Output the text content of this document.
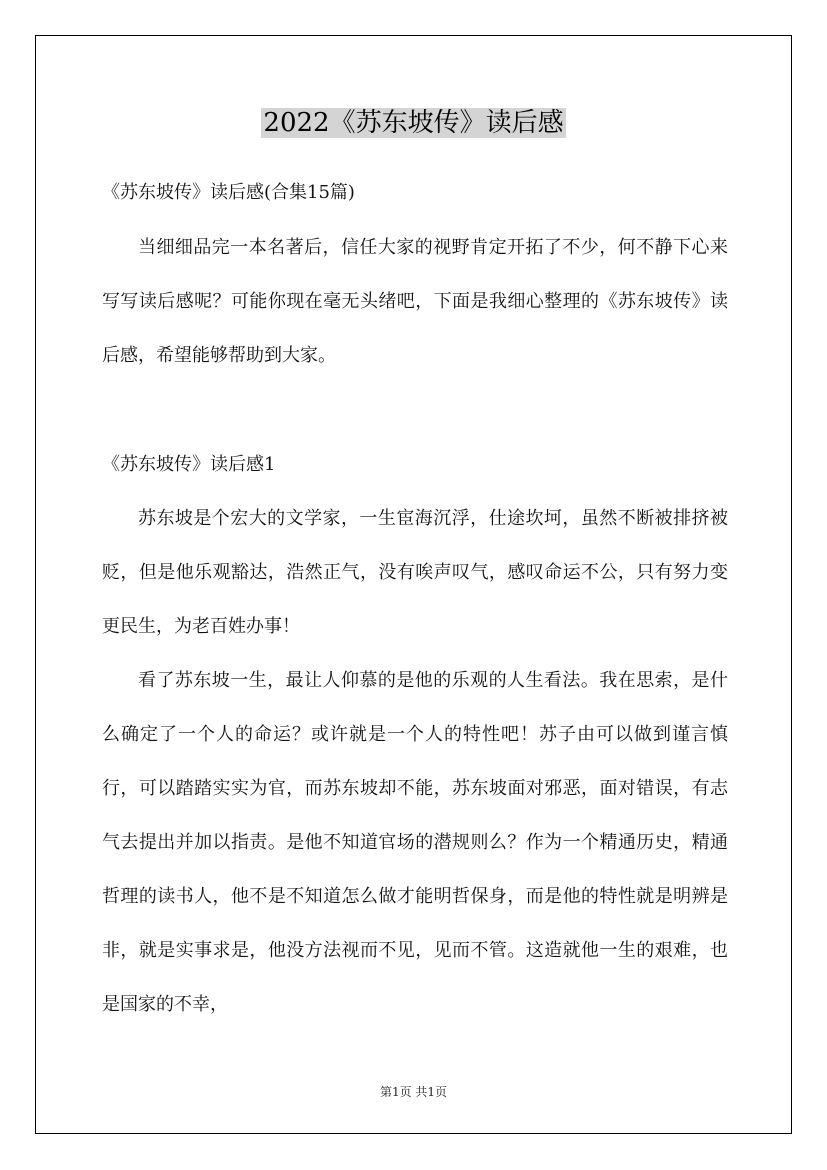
2022《苏东坡传》读后感
《苏东坡传》读后感(合集15篇)
当细细品完一本名著后，信任大家的视野肯定开拓了不少，何不静下心来写写读后感呢？可能你现在毫无头绪吧，下面是我细心整理的《苏东坡传》读后感，希望能够帮助到大家。
《苏东坡传》读后感1
苏东坡是个宏大的文学家，一生宦海沉浮，仕途坎坷，虽然不断被排挤被贬，但是他乐观豁达，浩然正气，没有唉声叹气，感叹命运不公，只有努力变更民生，为老百姓办事！
看了苏东坡一生，最让人仰慕的是他的乐观的人生看法。我在思索，是什么确定了一个人的命运？或许就是一个人的特性吧！苏子由可以做到谨言慎行，可以踏踏实实为官，而苏东坡却不能，苏东坡面对邪恶，面对错误，有志气去提出并加以指责。是他不知道官场的潜规则么？作为一个精通历史，精通哲理的读书人，他不是不知道怎么做才能明哲保身，而是他的特性就是明辨是非，就是实事求是，他没方法视而不见，见而不管。这造就他一生的艰难，也是国家的不幸，
第1页 共1页
